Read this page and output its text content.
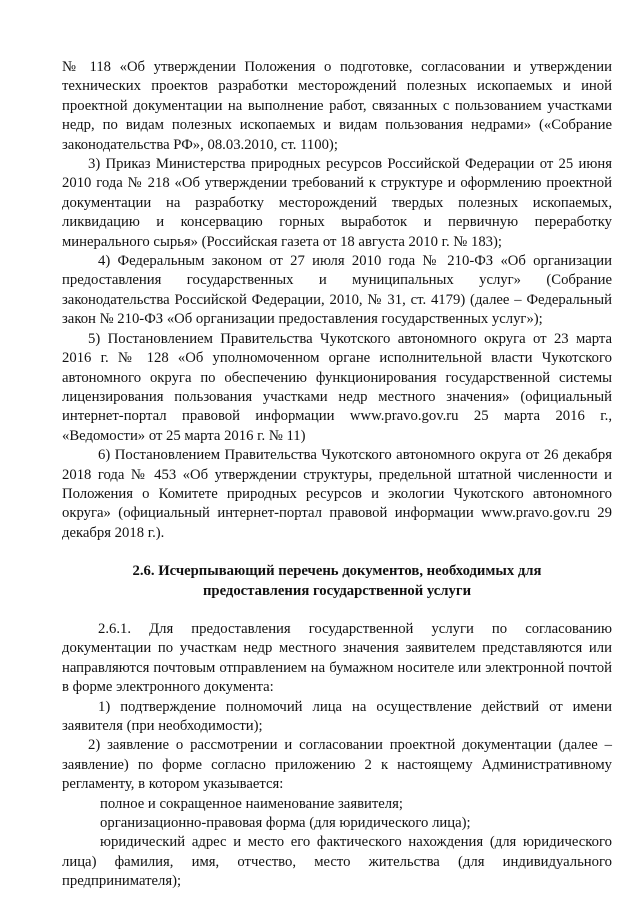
№ 118 «Об утверждении Положения о подготовке, согласовании и утверждении технических проектов разработки месторождений полезных ископаемых и иной проектной документации на выполнение работ, связанных с пользованием участками недр, по видам полезных ископаемых и видам пользования недрами» («Собрание законодательства РФ», 08.03.2010, ст. 1100);

3) Приказ Министерства природных ресурсов Российской Федерации от 25 июня 2010 года № 218 «Об утверждении требований к структуре и оформлению проектной документации на разработку месторождений твердых полезных ископаемых, ликвидацию и консервацию горных выработок и первичную переработку минерального сырья» (Российская газета от 18 августа 2010 г. № 183);

4) Федеральным законом от 27 июля 2010 года № 210-ФЗ «Об организации предоставления государственных и муниципальных услуг» (Собрание законодательства Российской Федерации, 2010, № 31, ст. 4179) (далее – Федеральный закон № 210-ФЗ «Об организации предоставления государственных услуг»);

5) Постановлением Правительства Чукотского автономного округа от 23 марта 2016 г. № 128 «Об уполномоченном органе исполнительной власти Чукотского автономного округа по обеспечению функционирования государственной системы лицензирования пользования участками недр местного значения» (официальный интернет-портал правовой информации www.pravo.gov.ru 25 марта 2016 г., «Ведомости» от 25 марта 2016 г. № 11)

6) Постановлением Правительства Чукотского автономного округа от 26 декабря 2018 года № 453 «Об утверждении структуры, предельной штатной численности и Положения о Комитете природных ресурсов и экологии Чукотского автономного округа» (официальный интернет-портал правовой информации www.pravo.gov.ru 29 декабря 2018 г.).

2.6. Исчерпывающий перечень документов, необходимых для предоставления государственной услуги

2.6.1. Для предоставления государственной услуги по согласованию документации по участкам недр местного значения заявителем представляются или направляются почтовым отправлением на бумажном носителе или электронной почтой в форме электронного документа:

1) подтверждение полномочий лица на осуществление действий от имени заявителя (при необходимости);

2) заявление о рассмотрении и согласовании проектной документации (далее – заявление) по форме согласно приложению 2 к настоящему Административному регламенту, в котором указывается:

полное и сокращенное наименование заявителя;

организационно-правовая форма (для юридического лица);

юридический адрес и место его фактического нахождения (для юридического лица) фамилия, имя, отчество, место жительства (для индивидуального предпринимателя);
